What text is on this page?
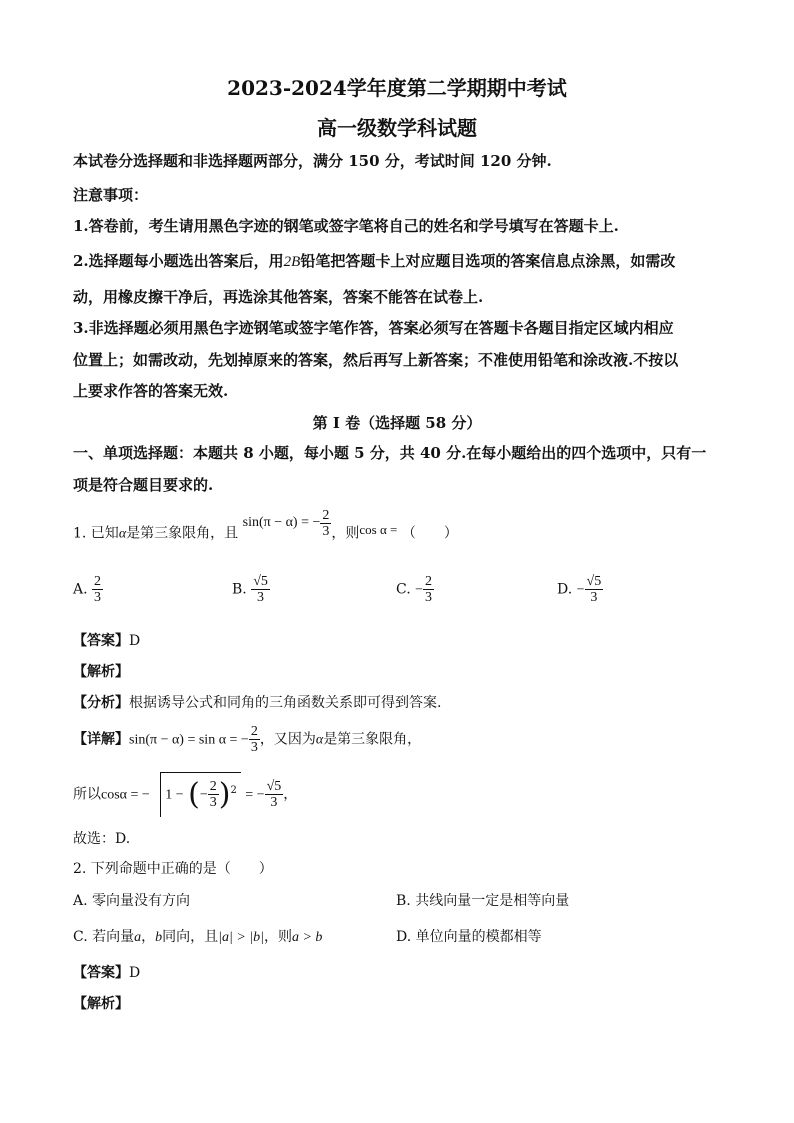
2023-2024学年度第二学期期中考试
高一级数学科试题
本试卷分选择题和非选择题两部分，满分 150 分，考试时间 120 分钟.
注意事项：
1.答卷前，考生请用黑色字迹的钢笔或签字笔将自己的姓名和学号填写在答题卡上.
2.选择题每小题选出答案后，用2B铅笔把答题卡上对应题目选项的答案信息点涂黑，如需改
动，用橡皮擦干净后，再选涂其他答案，答案不能答在试卷上.
3.非选择题必须用黑色字迹钢笔或签字笔作答，答案必须写在答题卡各题目指定区域内相应
位置上；如需改动，先划掉原来的答案，然后再写上新答案；不准使用铅笔和涂改液.不按以
上要求作答的答案无效.
第 I 卷（选择题 58 分）
一、单项选择题：本题共 8 小题，每小题 5 分，共 40 分.在每小题给出的四个选项中，只有一
项是符合题目要求的.
1. 已知α是第三象限角，且 sin(π − α) = − $\frac{2}{3}$ ，则cos α = （　　）
A. $\frac{2}{3}$	B. $\frac{√5}{3}$	C. − $\frac{2}{3}$	D. − $\frac{√5}{3}$
【答案】D
【解析】
【分析】根据诱导公式和同角的三角函数关系即可得到答案.
【详解】sin(π − α) = sin α = − $\frac{2}{3}$ ，又因为α是第三象限角，
所以cosα = − 1 − (− $\frac{2}{3} )^2$ = − $\frac{√5}{3}$ ，
故选：D.
2. 下列命题中正确的是（　　）
A. 零向量没有方向	B. 共线向量一定是相等向量
C. 若向量a，b同向，且|a| > |b|，则a > b	D. 单位向量的模都相等
【答案】D
【解析】
